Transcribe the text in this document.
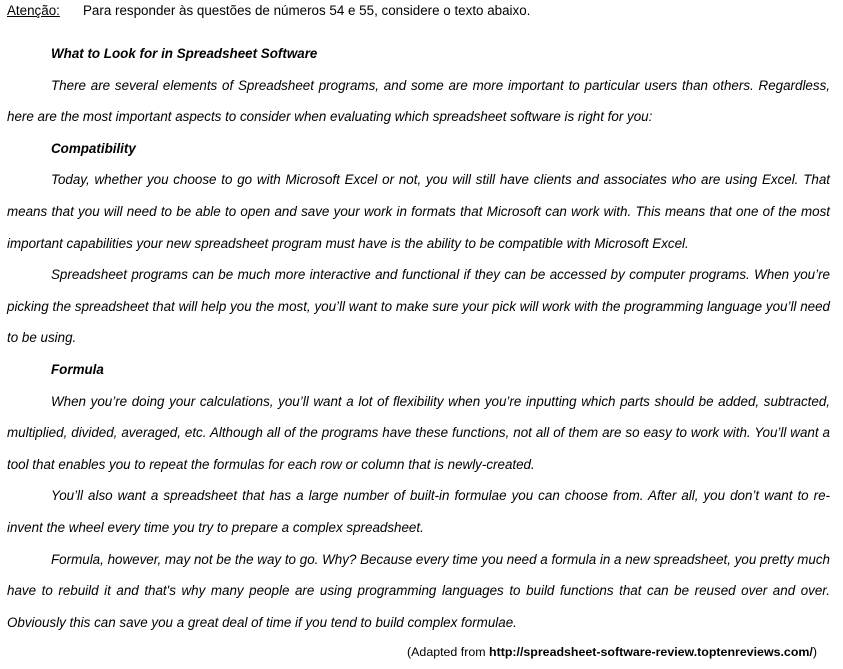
Atenção: Para responder às questões de números 54 e 55, considere o texto abaixo.
What to Look for in Spreadsheet Software

There are several elements of Spreadsheet programs, and some are more important to particular users than others. Regardless, here are the most important aspects to consider when evaluating which spreadsheet software is right for you:

Compatibility

Today, whether you choose to go with Microsoft Excel or not, you will still have clients and associates who are using Excel. That means that you will need to be able to open and save your work in formats that Microsoft can work with. This means that one of the most important capabilities your new spreadsheet program must have is the ability to be compatible with Microsoft Excel.

Spreadsheet programs can be much more interactive and functional if they can be accessed by computer programs. When you’re picking the spreadsheet that will help you the most, you’ll want to make sure your pick will work with the programming language you’ll need to be using.

Formula

When you’re doing your calculations, you’ll want a lot of flexibility when you’re inputting which parts should be added, subtracted, multiplied, divided, averaged, etc. Although all of the programs have these functions, not all of them are so easy to work with. You’ll want a tool that enables you to repeat the formulas for each row or column that is newly-created.

You’ll also want a spreadsheet that has a large number of built-in formulae you can choose from. After all, you don’t want to re-invent the wheel every time you try to prepare a complex spreadsheet.

Formula, however, may not be the way to go. Why? Because every time you need a formula in a new spreadsheet, you pretty much have to rebuild it and that's why many people are using programming languages to build functions that can be reused over and over. Obviously this can save you a great deal of time if you tend to build complex formulae.

(Adapted from http://spreadsheet-software-review.toptenreviews.com/)
